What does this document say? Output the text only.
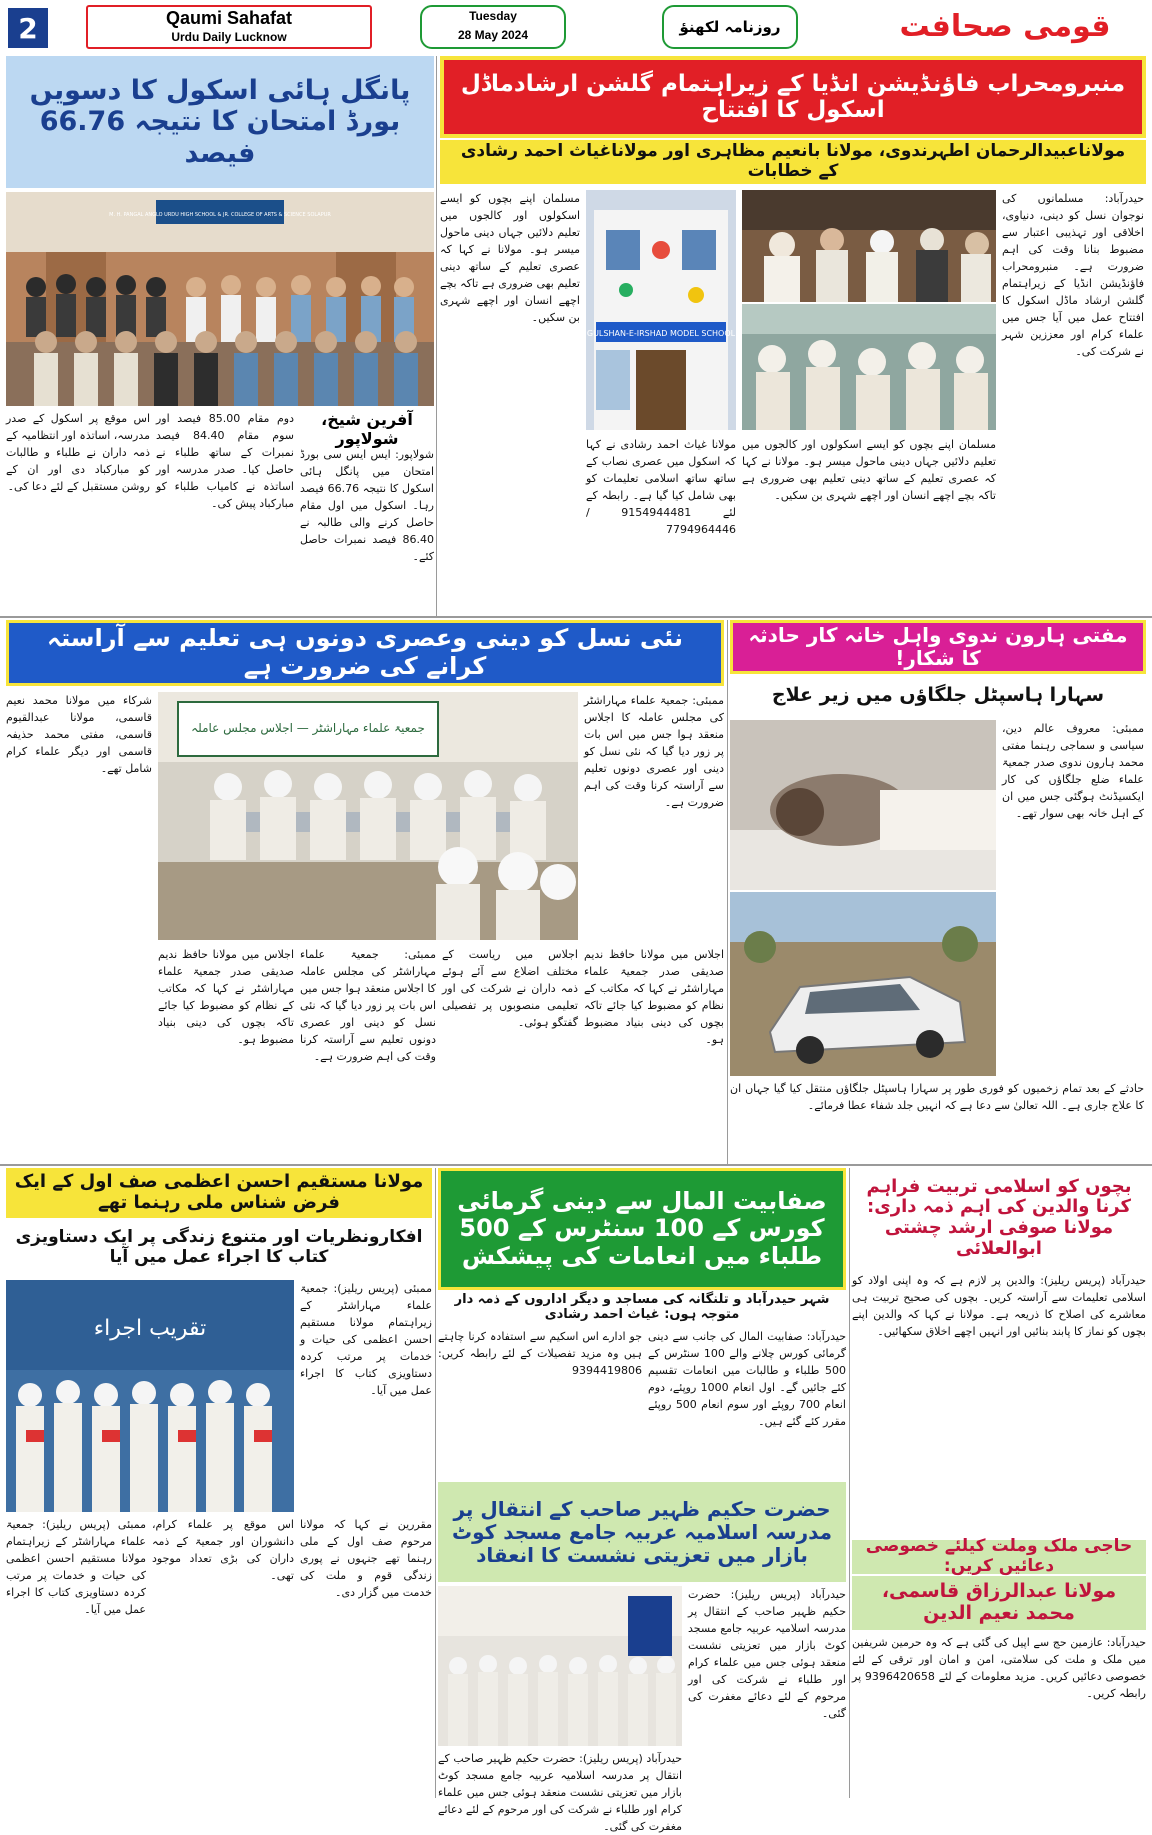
2	Qaumi Sahafat
Urdu Daily Lucknow
Tuesday
28 May 2024	روزنامہ لکھنؤ	قومی صحافت
منبرومحراب فاؤنڈیشن انڈیا کے زیراہتمام گلشن ارشادماڈل اسکول کا افتتاح
مولاناعبیدالرحمان اطہرندوی، مولانا بانعیم مظاہری اور مولاناغیاث احمد رشادی کے خطابات
حیدرآباد: مسلمانوں کی نوجوان نسل کو دینی، دنیاوی، اخلاقی اور تہذیبی اعتبار سے مضبوط بنانا وقت کی اہم ضرورت ہے۔ منبرومحراب فاؤنڈیشن انڈیا کے زیراہتمام گلشن ارشاد ماڈل اسکول کا افتتاح عمل میں آیا جس میں علماء کرام اور معززین شہر نے شرکت کی۔
مسلمان اپنے بچوں کو ایسے اسکولوں اور کالجوں میں تعلیم دلائیں جہاں دینی ماحول میسر ہو۔ مولانا نے کہا کہ عصری تعلیم کے ساتھ دینی تعلیم بھی ضروری ہے تاکہ بچے اچھے انسان اور اچھے شہری بن سکیں۔
GULSHAN-E-IRSHAD MODEL SCHOOL
مولانا غیاث احمد رشادی نے کہا کہ اسکول میں عصری نصاب کے ساتھ ساتھ اسلامی تعلیمات کو بھی شامل کیا گیا ہے۔ رابطہ کے لئے 9154944481 / 7794964446
مسلمان اپنے بچوں کو ایسے اسکولوں اور کالجوں میں تعلیم دلائیں جہاں دینی ماحول میسر ہو۔ مولانا نے کہا کہ عصری تعلیم کے ساتھ دینی تعلیم بھی ضروری ہے تاکہ بچے اچھے انسان اور اچھے شہری بن سکیں۔
پانگل ہائی اسکول کا دسویں بورڈ امتحان کا نتیجہ 66.76 فیصد
M. H. PANGAL ANGLO URDU HIGH SCHOOL & JR. COLLEGE OF ARTS & SCIENCE SOLAPUR
آفرین شیخ، شولاپور
شولاپور: ایس ایس سی بورڈ امتحان میں پانگل ہائی اسکول کا نتیجہ 66.76 فیصد رہا۔ اسکول میں اول مقام حاصل کرنے والی طالبہ نے 86.40 فیصد نمبرات حاصل کئے۔
دوم مقام 85.00 فیصد اور سوم مقام 84.40 فیصد نمبرات کے ساتھ طلباء نے حاصل کیا۔ صدر مدرسہ اور اساتذہ نے کامیاب طلباء کو مبارکباد پیش کی۔
اس موقع پر اسکول کے صدر مدرسہ، اساتذہ اور انتظامیہ کے ذمہ داران نے طلباء و طالبات کو مبارکباد دی اور ان کے روشن مستقبل کے لئے دعا کی۔
نئی نسل کو دینی وعصری دونوں ہی تعلیم سے آراستہ کرانے کی ضرورت ہے
ممبئی: جمعیۃ علماء مہاراشٹر کی مجلس عاملہ کا اجلاس منعقد ہوا جس میں اس بات پر زور دیا گیا کہ نئی نسل کو دینی اور عصری دونوں تعلیم سے آراستہ کرنا وقت کی اہم ضرورت ہے۔
جمعیۃ علماء مہاراشٹر — اجلاس مجلس عاملہ
شرکاء میں مولانا محمد نعیم قاسمی، مولانا عبدالقیوم قاسمی، مفتی محمد حذیفہ قاسمی اور دیگر علماء کرام شامل تھے۔
اجلاس میں مولانا حافظ ندیم صدیقی صدر جمعیۃ علماء مہاراشٹر نے کہا کہ مکاتب کے نظام کو مضبوط کیا جائے تاکہ بچوں کی دینی بنیاد مضبوط ہو۔
اجلاس میں ریاست کے مختلف اضلاع سے آئے ہوئے ذمہ داران نے شرکت کی اور تعلیمی منصوبوں پر تفصیلی گفتگو ہوئی۔
ممبئی: جمعیۃ علماء مہاراشٹر کی مجلس عاملہ کا اجلاس منعقد ہوا جس میں اس بات پر زور دیا گیا کہ نئی نسل کو دینی اور عصری دونوں تعلیم سے آراستہ کرنا وقت کی اہم ضرورت ہے۔
اجلاس میں مولانا حافظ ندیم صدیقی صدر جمعیۃ علماء مہاراشٹر نے کہا کہ مکاتب کے نظام کو مضبوط کیا جائے تاکہ بچوں کی دینی بنیاد مضبوط ہو۔
مفتی ہارون ندوی واہل خانہ کار حادثہ کا شکار!
سہارا ہاسپٹل جلگاؤں میں زیر علاج
ممبئی: معروف عالم دین، سیاسی و سماجی رہنما مفتی محمد ہارون ندوی صدر جمعیۃ علماء ضلع جلگاؤں کی کار ایکسیڈنٹ ہوگئی جس میں ان کے اہل خانہ بھی سوار تھے۔
حادثے کے بعد تمام زخمیوں کو فوری طور پر سہارا ہاسپٹل جلگاؤں منتقل کیا گیا جہاں ان کا علاج جاری ہے۔ اللہ تعالیٰ سے دعا ہے کہ انہیں جلد شفاء عطا فرمائے۔
مولانا مستقیم احسن اعظمی صف اول کے ایک فرض شناس ملی رہنما تھے
افکارونظریات اور متنوع زندگی پر ایک دستاویزی کتاب کا اجراء عمل میں آیا
ممبئی (پریس ریلیز): جمعیۃ علماء مہاراشٹر کے زیراہتمام مولانا مستقیم احسن اعظمی کی حیات و خدمات پر مرتب کردہ دستاویزی کتاب کا اجراء عمل میں آیا۔
تقریب اجراء
مقررین نے کہا کہ مولانا مرحوم صف اول کے ملی رہنما تھے جنہوں نے پوری زندگی قوم و ملت کی خدمت میں گزار دی۔
اس موقع پر علماء کرام، دانشوران اور جمعیۃ کے ذمہ داران کی بڑی تعداد موجود تھی۔
ممبئی (پریس ریلیز): جمعیۃ علماء مہاراشٹر کے زیراہتمام مولانا مستقیم احسن اعظمی کی حیات و خدمات پر مرتب کردہ دستاویزی کتاب کا اجراء عمل میں آیا۔
صفابیت المال سے دینی گرمائی کورس کے 100 سنٹرس کے 500 طلباء میں انعامات کی پیشکش
شہر حیدرآباد و تلنگانہ کی مساجد و دیگر اداروں کے ذمہ دار متوجہ ہوں: غیاث احمد رشادی
حیدرآباد: صفابیت المال کی جانب سے دینی گرمائی کورس چلانے والے 100 سنٹرس کے 500 طلباء و طالبات میں انعامات تقسیم کئے جائیں گے۔ اول انعام 1000 روپئے، دوم انعام 700 روپئے اور سوم انعام 500 روپئے مقرر کئے گئے ہیں۔
جو ادارے اس اسکیم سے استفادہ کرنا چاہتے ہیں وہ مزید تفصیلات کے لئے رابطہ کریں: 9394419806
حضرت حکیم ظہیر صاحب کے انتقال پر مدرسہ اسلامیہ عربیہ جامع مسجد کوٹ بازار میں تعزیتی نشست کا انعقاد
حیدرآباد (پریس ریلیز): حضرت حکیم ظہیر صاحب کے انتقال پر مدرسہ اسلامیہ عربیہ جامع مسجد کوٹ بازار میں تعزیتی نشست منعقد ہوئی جس میں علماء کرام اور طلباء نے شرکت کی اور مرحوم کے لئے دعائے مغفرت کی گئی۔
حیدرآباد (پریس ریلیز): حضرت حکیم ظہیر صاحب کے انتقال پر مدرسہ اسلامیہ عربیہ جامع مسجد کوٹ بازار میں تعزیتی نشست منعقد ہوئی جس میں علماء کرام اور طلباء نے شرکت کی اور مرحوم کے لئے دعائے مغفرت کی گئی۔
بچوں کو اسلامی تربیت فراہم کرنا والدین کی اہم ذمہ داری: مولانا صوفی ارشد چشتی ابوالعلائی
حیدرآباد (پریس ریلیز): والدین پر لازم ہے کہ وہ اپنی اولاد کو اسلامی تعلیمات سے آراستہ کریں۔ بچوں کی صحیح تربیت ہی معاشرے کی اصلاح کا ذریعہ ہے۔ مولانا نے کہا کہ والدین اپنے بچوں کو نماز کا پابند بنائیں اور انہیں اچھے اخلاق سکھائیں۔
حاجی ملک وملت کیلئے خصوصی دعائیں کریں:
مولانا عبدالرزاق قاسمی، محمد نعیم الدین
حیدرآباد: عازمین حج سے اپیل کی گئی ہے کہ وہ حرمین شریفین میں ملک و ملت کی سلامتی، امن و امان اور ترقی کے لئے خصوصی دعائیں کریں۔ مزید معلومات کے لئے 9396420658 پر رابطہ کریں۔
